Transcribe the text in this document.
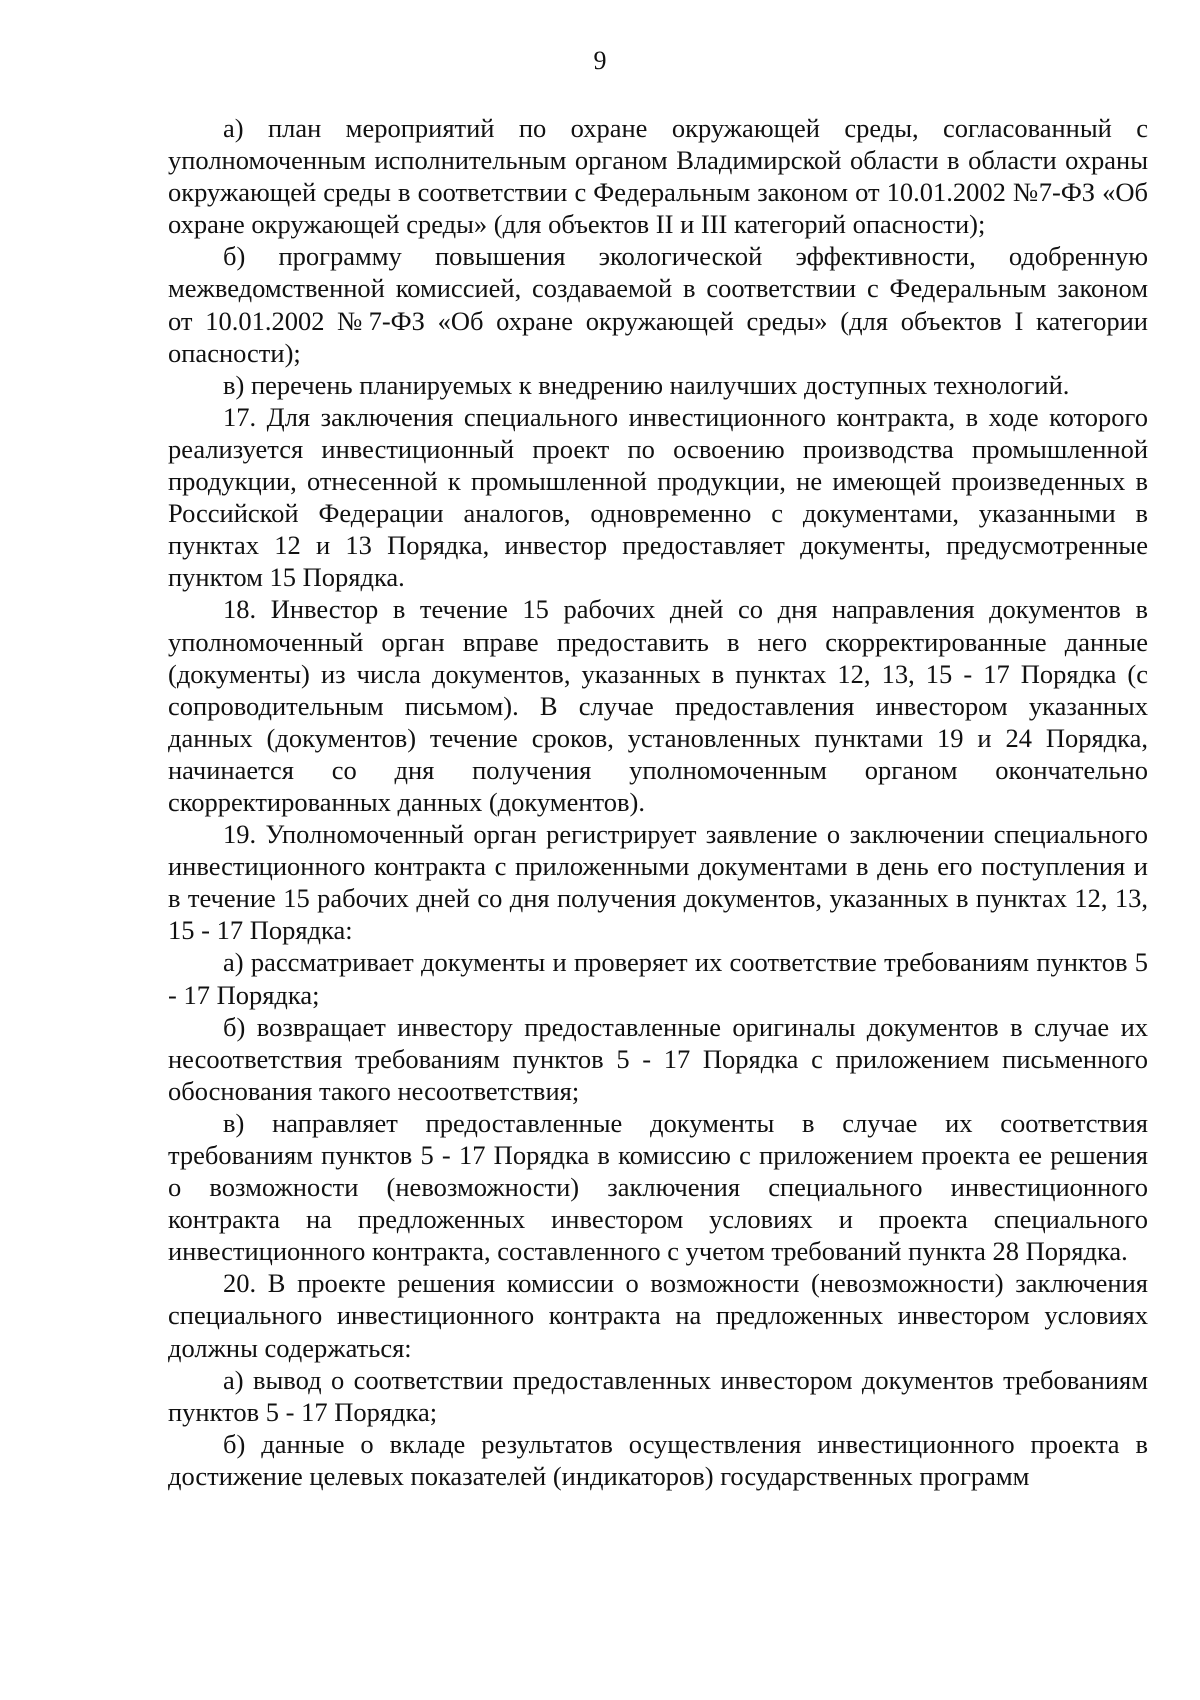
9

а) план мероприятий по охране окружающей среды, согласованный с уполномоченным исполнительным органом Владимирской области в области охраны окружающей среды в соответствии с Федеральным законом от 10.01.2002 №7-ФЗ «Об охране окружающей среды» (для объектов II и III категорий опасности);

б) программу повышения экологической эффективности, одобренную межведомственной комиссией, создаваемой в соответствии с Федеральным законом от 10.01.2002 №7-ФЗ «Об охране окружающей среды» (для объектов I категории опасности);

в) перечень планируемых к внедрению наилучших доступных технологий.

17. Для заключения специального инвестиционного контракта, в ходе которого реализуется инвестиционный проект по освоению производства промышленной продукции, отнесенной к промышленной продукции, не имеющей произведенных в Российской Федерации аналогов, одновременно с документами, указанными в пунктах 12 и 13 Порядка, инвестор предоставляет документы, предусмотренные пунктом 15 Порядка.

18. Инвестор в течение 15 рабочих дней со дня направления документов в уполномоченный орган вправе предоставить в него скорректированные данные (документы) из числа документов, указанных в пунктах 12, 13, 15 - 17 Порядка (с сопроводительным письмом). В случае предоставления инвестором указанных данных (документов) течение сроков, установленных пунктами 19 и 24 Порядка, начинается со дня получения уполномоченным органом окончательно скорректированных данных (документов).

19. Уполномоченный орган регистрирует заявление о заключении специального инвестиционного контракта с приложенными документами в день его поступления и в течение 15 рабочих дней со дня получения документов, указанных в пунктах 12, 13, 15 - 17 Порядка:

а) рассматривает документы и проверяет их соответствие требованиям пунктов 5 - 17 Порядка;

б) возвращает инвестору предоставленные оригиналы документов в случае их несоответствия требованиям пунктов 5 - 17 Порядка с приложением письменного обоснования такого несоответствия;

в) направляет предоставленные документы в случае их соответствия требованиям пунктов 5 - 17 Порядка в комиссию с приложением проекта ее решения о возможности (невозможности) заключения специального инвестиционного контракта на предложенных инвестором условиях и проекта специального инвестиционного контракта, составленного с учетом требований пункта 28 Порядка.

20. В проекте решения комиссии о возможности (невозможности) заключения специального инвестиционного контракта на предложенных инвестором условиях должны содержаться:

а) вывод о соответствии предоставленных инвестором документов требованиям пунктов 5 - 17 Порядка;

б) данные о вкладе результатов осуществления инвестиционного проекта в достижение целевых показателей (индикаторов) государственных программ
